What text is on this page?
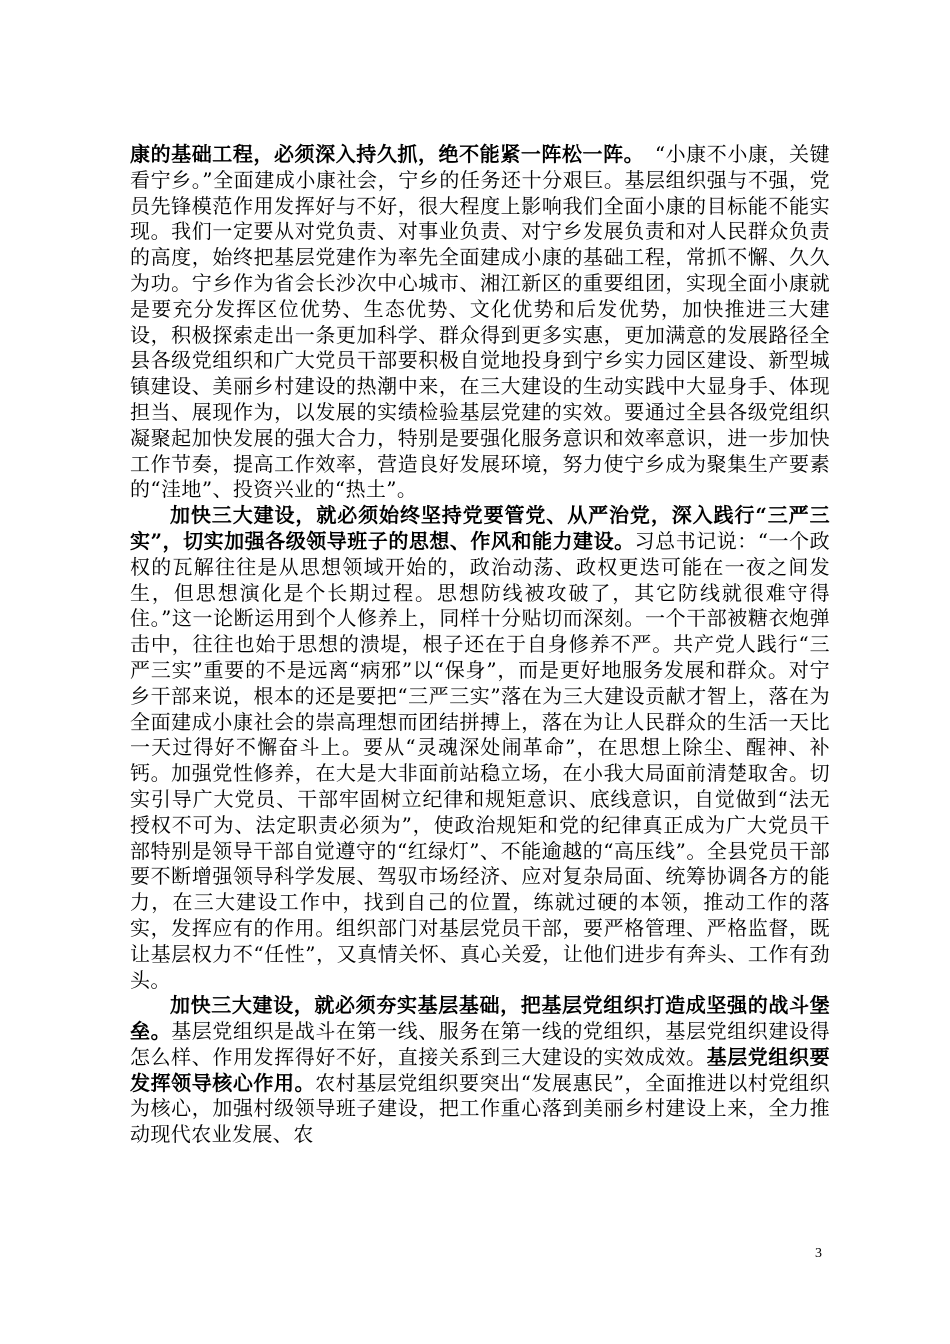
康的基础工程，必须深入持久抓，绝不能紧一阵松一阵。　“小康不小康，关键看宁乡。”全面建成小康社会，宁乡的任务还十分艰巨。基层组织强与不强，党员先锋模范作用发挥好与不好，很大程度上影响我们全面小康的目标能不能实现。我们一定要从对党负责、对事业负责、对宁乡发展负责和对人民群众负责的高度，始终把基层党建作为率先全面建成小康的基础工程，常抓不懈、久久为功。宁乡作为省会长沙次中心城市、湘江新区的重要组团，实现全面小康就是要充分发挥区位优势、生态优势、文化优势和后发优势，加快推进三大建设，积极探索走出一条更加科学、群众得到更多实惠，更加满意的发展路径全县各级党组织和广大党员干部要积极自觉地投身到宁乡实力园区建设、新型城镇建设、美丽乡村建设的热潮中来，在三大建设的生动实践中大显身手、体现担当、展现作为，以发展的实绩检验基层党建的实效。要通过全县各级党组织凝聚起加快发展的强大合力，特别是要强化服务意识和效率意识，进一步加快工作节奏，提高工作效率，营造良好发展环境，努力使宁乡成为聚集生产要素的“洼地”、投资兴业的“热土”。

加快三大建设，就必须始终坚持党要管党、从严治党，深入践行“三严三实”，切实加强各级领导班子的思想、作风和能力建设。习总书记说：“一个政权的瓦解往往是从思想领域开始的，政治动荡、政权更迭可能在一夜之间发生，但思想演化是个长期过程。思想防线被攻破了，其它防线就很难守得住。”这一论断运用到个人修养上，同样十分贴切而深刻。一个干部被糖衣炮弹击中，往往也始于思想的溃堤，根子还在于自身修养不严。共产党人践行“三严三实”重要的不是远离“病邪”以“保身”，而是更好地服务发展和群众。对宁乡干部来说，根本的还是要把“三严三实”落在为三大建设贡献才智上，落在为全面建成小康社会的崇高理想而团结拼搏上，落在为让人民群众的生活一天比一天过得好不懈奋斗上。要从“灵魂深处闹革命”，在思想上除尘、醒神、补钙。加强党性修养，在大是大非面前站稳立场，在小我大局面前清楚取舍。切实引导广大党员、干部牢固树立纪律和规矩意识、底线意识，自觉做到“法无授权不可为、法定职责必须为”，使政治规矩和党的纪律真正成为广大党员干部特别是领导干部自觉遵守的“红绿灯”、不能逾越的“高压线”。全县党员干部要不断增强领导科学发展、驾驭市场经济、应对复杂局面、统筹协调各方的能力，在三大建设工作中，找到自己的位置，练就过硬的本领，推动工作的落实，发挥应有的作用。组织部门对基层党员干部，要严格管理、严格监督，既让基层权力不“任性”，又真情关怀、真心关爱，让他们进步有奔头、工作有劲头。

加快三大建设，就必须夯实基层基础，把基层党组织打造成坚强的战斗堡垒。基层党组织是战斗在第一线、服务在第一线的党组织，基层党组织建设得怎么样、作用发挥得好不好，直接关系到三大建设的实效成效。基层党组织要发挥领导核心作用。农村基层党组织要突出“发展惠民”，全面推进以村党组织为核心，加强村级领导班子建设，把工作重心落到美丽乡村建设上来，全力推动现代农业发展、农

3
